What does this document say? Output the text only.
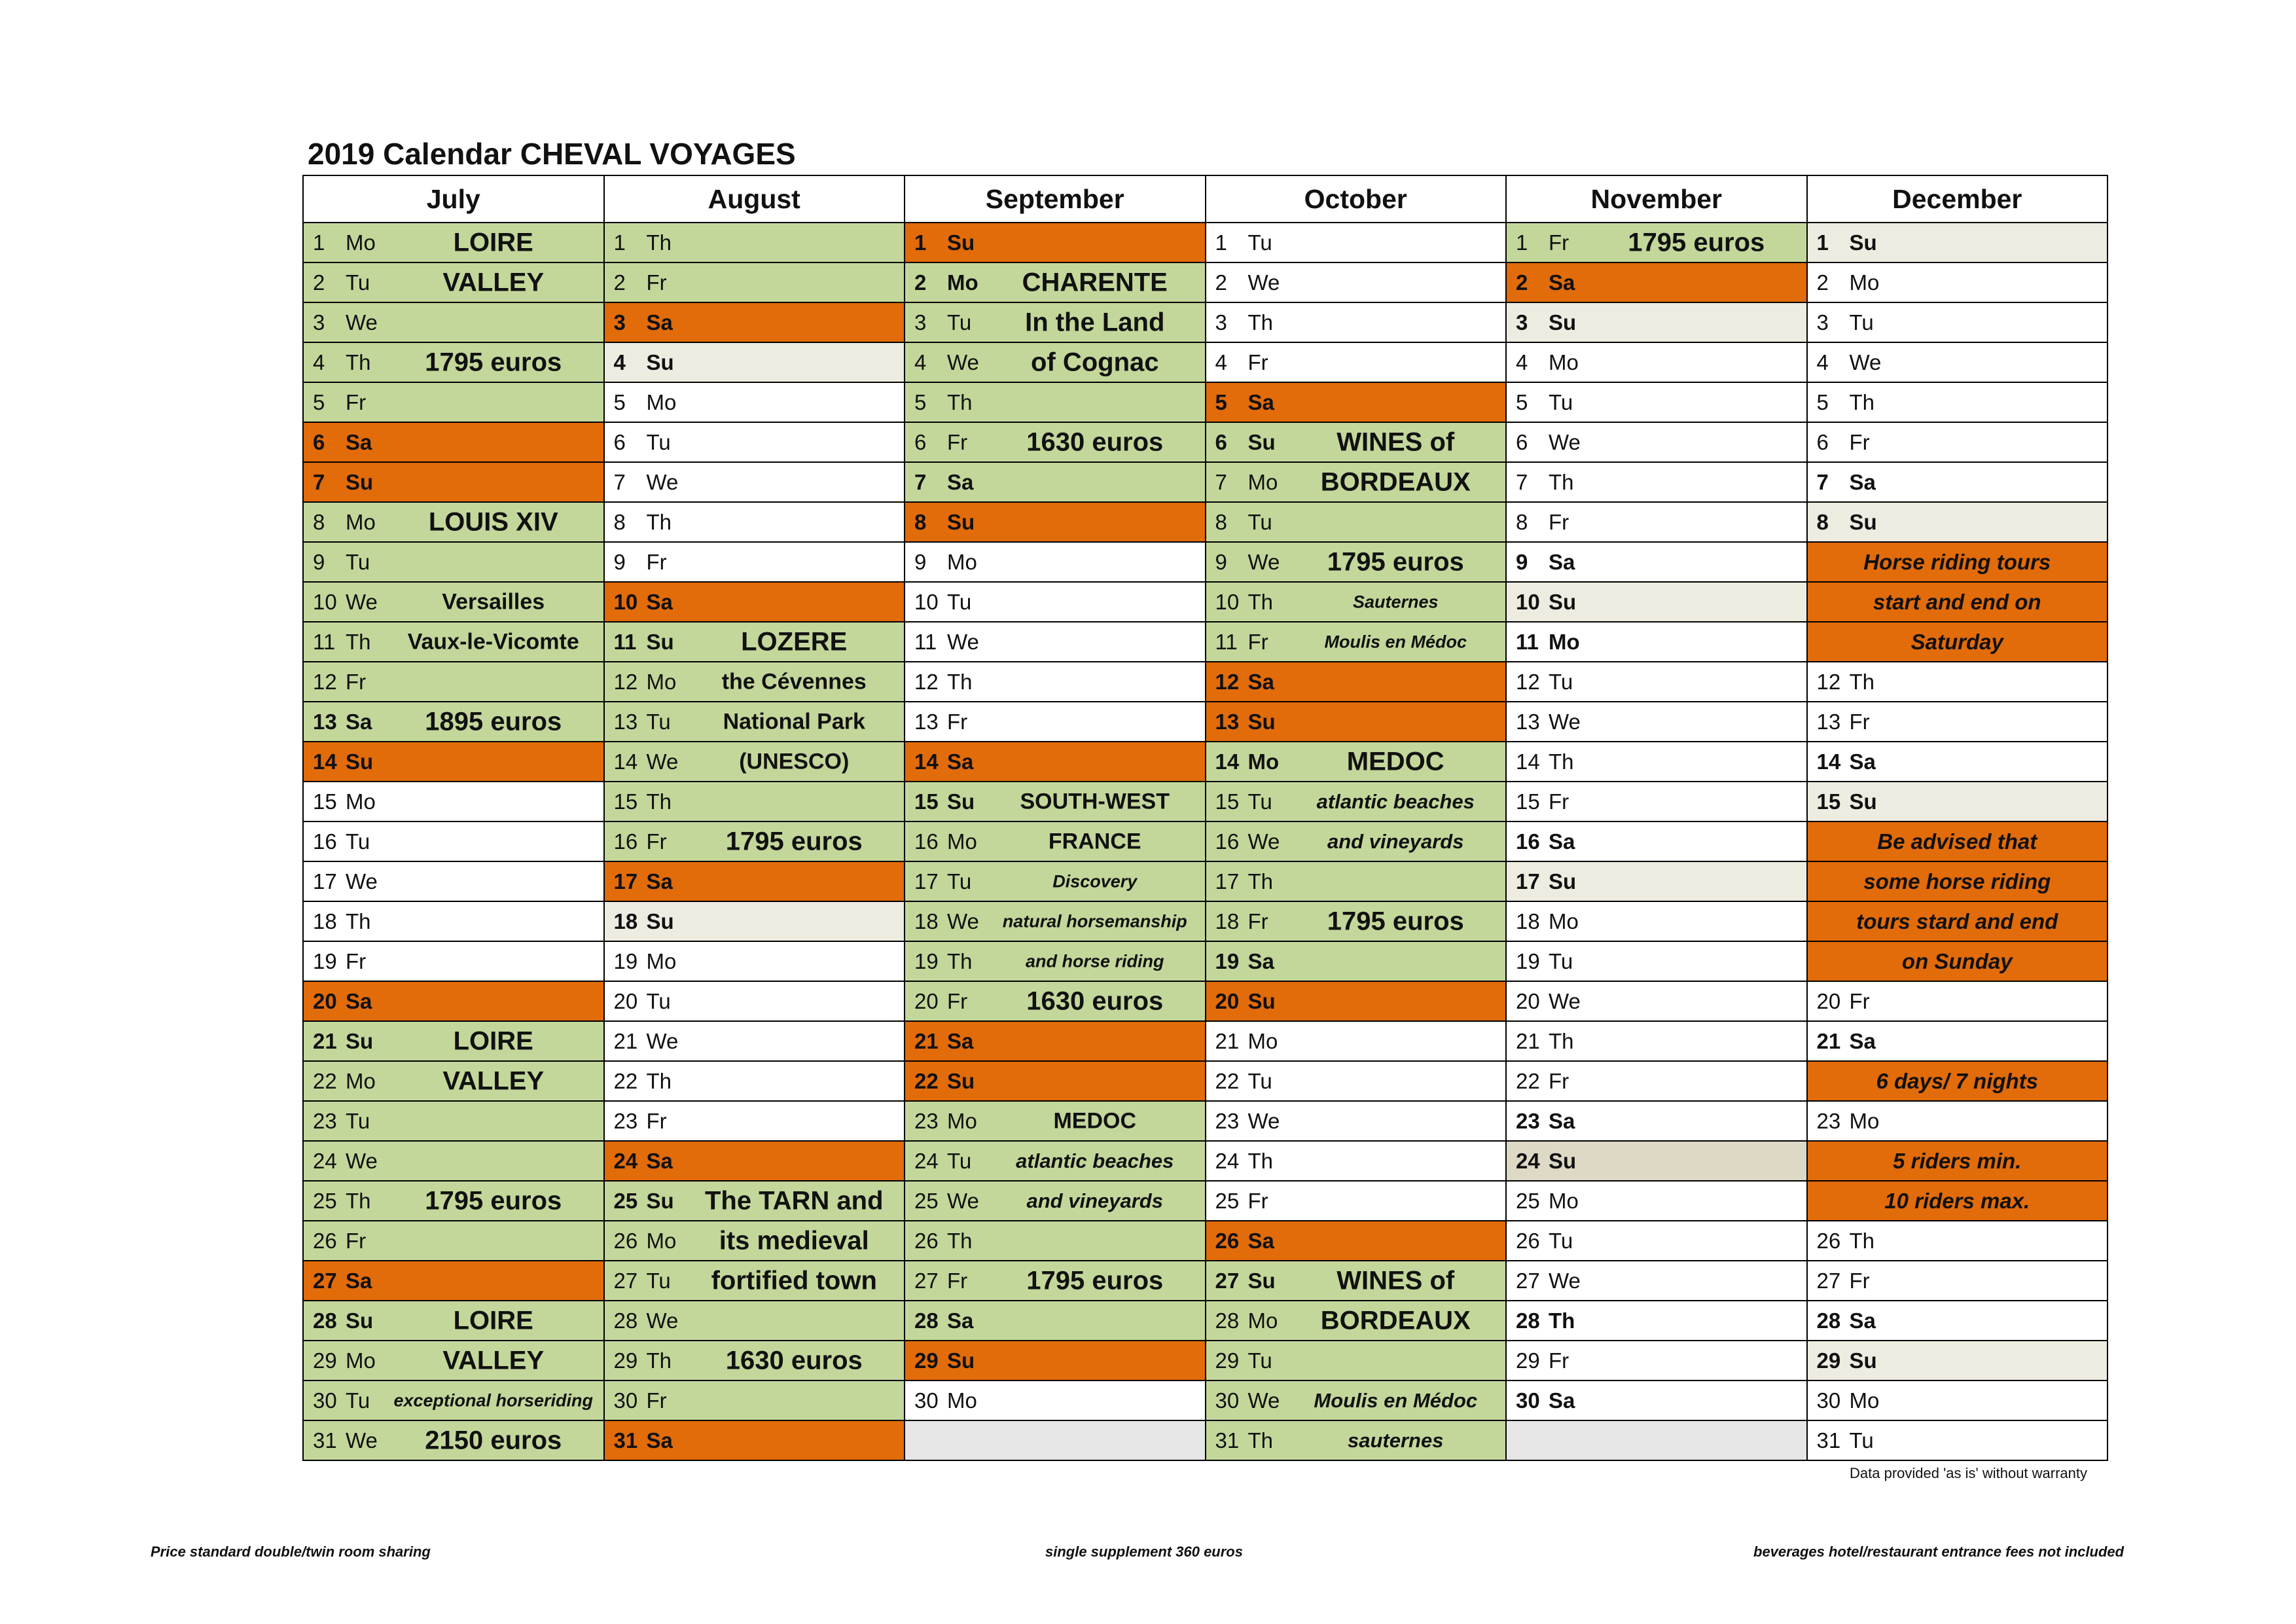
2019 Calendar CHEVAL VOYAGES
July	August	September	October	November	December

1 Mo LOIRE	1 Th	1 Su	1 Tu	1 Fr 1795 euros	1 Su

2 Tu VALLEY	2 Fr	2 Mo CHARENTE	2 We	2 Sa	2 Mo

3 We	3 Sa	3 Tu In the Land	3 Th	3 Su	3 Tu

4 Th 1795 euros	4 Su	4 We of Cognac	4 Fr	4 Mo	4 We

5 Fr	5 Mo	5 Th	5 Sa	5 Tu	5 Th

6 Sa	6 Tu	6 Fr 1630 euros	6 Su WINES of	6 We	6 Fr

7 Su	7 We	7 Sa	7 Mo BORDEAUX	7 Th	7 Sa

8 Mo LOUIS XIV	8 Th	8 Su	8 Tu	8 Fr	8 Su

9 Tu	9 Fr	9 Mo	9 We 1795 euros	9 Sa	Horse riding tours

10 We Versailles	10 Sa	10 Tu	10 Th Sauternes	10 Su	start and end on

11 Th Vaux-le-Vicomte	11 Su LOZERE	11 We	11 Fr Moulis en Médoc	11 Mo	Saturday

12 Fr	12 Mo the Cévennes	12 Th	12 Sa	12 Tu	12 Th

13 Sa 1895 euros	13 Tu National Park	13 Fr	13 Su	13 We	13 Fr

14 Su	14 We (UNESCO)	14 Sa	14 Mo MEDOC	14 Th	14 Sa

15 Mo	15 Th	15 Su SOUTH-WEST	15 Tu atlantic beaches	15 Fr	15 Su

16 Tu	16 Fr 1795 euros	16 Mo FRANCE	16 We and vineyards	16 Sa	Be advised that

17 We	17 Sa	17 Tu Discovery	17 Th	17 Su	some horse riding

18 Th	18 Su	18 We natural horsemanship	18 Fr 1795 euros	18 Mo	tours stard and end

19 Fr	19 Mo	19 Th and horse riding	19 Sa	19 Tu	on Sunday

20 Sa	20 Tu	20 Fr 1630 euros	20 Su	20 We	20 Fr

21 Su LOIRE	21 We	21 Sa	21 Mo	21 Th	21 Sa

22 Mo VALLEY	22 Th	22 Su	22 Tu	22 Fr	6 days/ 7 nights

23 Tu	23 Fr	23 Mo MEDOC	23 We	23 Sa	23 Mo

24 We	24 Sa	24 Tu atlantic beaches	24 Th	24 Su	5 riders min.

25 Th 1795 euros	25 Su The TARN and	25 We and vineyards	25 Fr	25 Mo	10 riders max.

26 Fr	26 Mo its medieval	26 Th	26 Sa	26 Tu	26 Th

27 Sa	27 Tu fortified town	27 Fr 1795 euros	27 Su WINES of	27 We	27 Fr

28 Su LOIRE	28 We	28 Sa	28 Mo BORDEAUX	28 Th	28 Sa

29 Mo VALLEY	29 Th 1630 euros	29 Su	29 Tu	29 Fr	29 Su

30 Tu exceptional horseriding	30 Fr	30 Mo	30 We Moulis en Médoc	30 Sa	30 Mo

31 We 2150 euros	31 Sa		31 Th sauternes		31 Tu
Data provided 'as is' without warranty
Price standard double/twin room sharing	single supplement 360 euros	beverages hotel/restaurant entrance fees not included
